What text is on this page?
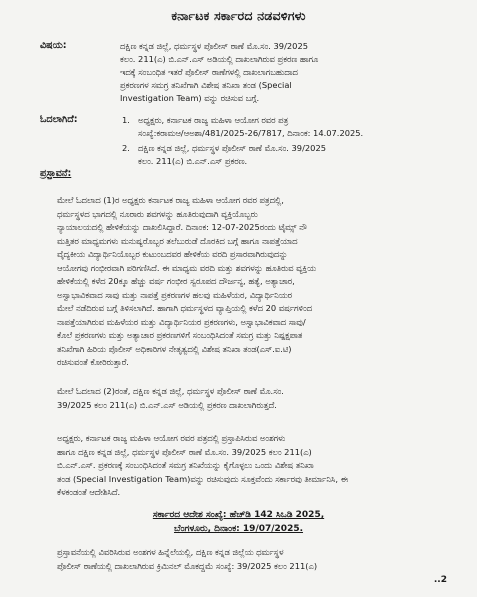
ಕರ್ನಾಟಕ ಸರ್ಕಾರದ ನಡವಳಿಗಳು
ವಿಷಯ:	ದಕ್ಷಿಣ ಕನ್ನಡ ಜಿಲ್ಲೆ, ಧರ್ಮಸ್ಥಳ ಪೊಲೀಸ್ ಠಾಣೆ ಮೊ.ಸಂ. 39/2025
ಕಲಂ. 211(ಎ) ಬಿ.ಎನ್.ಎಸ್ ಅಡಿಯಲ್ಲಿ ದಾಖಲಾಗಿರುವ ಪ್ರಕರಣ ಹಾಗೂ
ಇದಕ್ಕೆ ಸಂಬಂಧಿತ ಇತರೆ ಪೊಲೀಸ್ ಠಾಣೆಗಳಲ್ಲಿ ದಾಖಲಾಗಬಹುದಾದ
ಪ್ರಕರಣಗಳ ಸಮಗ್ರ ತನಿಖೆಗಾಗಿ ವಿಶೇಷ ತನಿಖಾ ತಂಡ (Special
Investigation Team) ವನ್ನು ರಚಿಸುವ ಬಗ್ಗೆ.
ಓದಲಾಗಿದೆ:	1. ಅಧ್ಯಕ್ಷರು, ಕರ್ನಾಟಕ ರಾಜ್ಯ ಮಹಿಳಾ ಆಯೋಗ ರವರ ಪತ್ರ
ಸಂಖ್ಯೆ:ಕರಾಮಆ/ಆಅಶಾ/481/2025-26/7817, ದಿನಾಂಕ: 14.07.2025.
2. ದಕ್ಷಿಣ ಕನ್ನಡ ಜಿಲ್ಲೆ, ಧರ್ಮಸ್ಥಳ ಪೊಲೀಸ್ ಠಾಣೆ ಮೊ.ಸಂ. 39/2025
ಕಲಂ. 211(ಎ) ಬಿ.ಎನ್.ಎಸ್ ಪ್ರಕರಣ.
ಪ್ರಸ್ತಾವನೆ:
ಮೇಲೆ ಓದಲಾದ (1)ರ ಅಧ್ಯಕ್ಷರು ಕರ್ನಾಟಕ ರಾಜ್ಯ ಮಹಿಳಾ ಆಯೋಗ ರವರ ಪತ್ರದಲ್ಲಿ,
ಧರ್ಮಸ್ಥಳದ ಭಾಗದಲ್ಲಿ ನೂರಾರು ಶವಗಳನ್ನು ಹೂತಿರುವುದಾಗಿ ವ್ಯಕ್ತಿಯೊಬ್ಬರು
ನ್ಯಾಯಾಲಯದಲ್ಲಿ ಹೇಳಿಕೆಯನ್ನು ದಾಖಲಿಸಿದ್ದಾರೆ. ದಿನಾಂಕ: 12-07-2025ರಂದು ಟೈಮ್ಸ್ ನೌ
ಮತ್ತಿತರ ಮಾಧ್ಯಮಗಳು ಮನುಷ್ಯರೊಬ್ಬರ ತಲೆಬುರುಡೆ ದೊರಕಿದ ಬಗ್ಗೆ ಹಾಗೂ ನಾಪತ್ತೆಯಾದ
ವೈದ್ಯಕೀಯ ವಿದ್ಯಾರ್ಥಿನಿಯೊಬ್ಬರ ಕುಟುಂಬದವರ ಹೇಳಿಕೆಯ ವರದಿ ಪ್ರಸಾರವಾಗಿರುವುದನ್ನು
ಆಯೋಗವು ಗಂಭೀರವಾಗಿ ಪರಿಗಣಿಸಿದೆ. ಈ ಮಾಧ್ಯಮ ವರದಿ ಮತ್ತು ಶವಗಳನ್ನು ಹೂತಿರುವ ವ್ಯಕ್ತಿಯ
ಹೇಳಿಕೆಯಲ್ಲಿ ಕಳೆದ 20ಕ್ಕೂ ಹೆಚ್ಚು ವರ್ಷ ಗಂಭೀರ ಸ್ವರೂಪದ ದೌರ್ಜನ್ಯ, ಹತ್ಯೆ, ಅತ್ಯಾಚಾರ,
ಅಸ್ವಾಭಾವಿಕವಾದ ಸಾವು ಮತ್ತು ನಾಪತ್ತೆ ಪ್ರಕರಣಗಳ ಹಲವು ಮಹಿಳೆಯರ, ವಿದ್ಯಾರ್ಥಿನಿಯರ
ಮೇಲೆ ನಡೆದಿರುವ ಬಗ್ಗೆ ತಿಳಿಸಲಾಗಿದೆ. ಹಾಗಾಗಿ ಧರ್ಮಸ್ಥಳದ ವ್ಯಾಪ್ತಿಯಲ್ಲಿ ಕಳೆದ 20 ವರ್ಷಗಳಿಂದ
ನಾಪತ್ತೆಯಾಗಿರುವ ಮಹಿಳೆಯರ ಮತ್ತು ವಿದ್ಯಾರ್ಥಿನಿಯರ ಪ್ರಕರಣಗಳು, ಅಸ್ವಾಭಾವಿಕವಾದ ಸಾವು/
ಕೊಲೆ ಪ್ರಕರಣಗಳು ಮತ್ತು ಅತ್ಯಾಚಾರ ಪ್ರಕರಣಗಳಿಗೆ ಸಂಬಂಧಿಸಿದಂತೆ ಸಮಗ್ರ ಮತ್ತು ನಿಷ್ಪಕ್ಷಪಾತ
ತನಿಖೆಗಾಗಿ ಹಿರಿಯ ಪೊಲೀಸ್ ಅಧಿಕಾರಿಗಳ ನೇತೃತ್ವದಲ್ಲಿ ವಿಶೇಷ ತನಿಖಾ ತಂಡ(ಎಸ್.ಐ.ಟಿ)
ರಚಿಸುವಂತೆ ಕೋರಿರುತ್ತಾರೆ.
ಮೇಲೆ ಓದಲಾದ (2)ರಂತೆ, ದಕ್ಷಿಣ ಕನ್ನಡ ಜಿಲ್ಲೆ, ಧರ್ಮಸ್ಥಳ ಪೊಲೀಸ್ ಠಾಣೆ ಮೊ.ಸಂ.
39/2025 ಕಲಂ 211(ಎ) ಬಿ.ಎನ್.ಎಸ್ ಅಡಿಯಲ್ಲಿ ಪ್ರಕರಣ ದಾಖಲಾಗಿರುತ್ತದೆ.
ಅಧ್ಯಕ್ಷರು, ಕರ್ನಾಟಕ ರಾಜ್ಯ ಮಹಿಳಾ ಆಯೋಗ ರವರ ಪತ್ರದಲ್ಲಿ ಪ್ರಸ್ತಾಪಿಸಿರುವ ಅಂಶಗಳು
ಹಾಗೂ ದಕ್ಷಿಣ ಕನ್ನಡ ಜಿಲ್ಲೆ, ಧರ್ಮಸ್ಥಳ ಪೊಲೀಸ್ ಠಾಣೆ ಮೊ.ಸಂ. 39/2025 ಕಲಂ 211(ಎ)
ಬಿ.ಎನ್.ಎಸ್. ಪ್ರಕರಣಕ್ಕೆ ಸಂಬಂಧಿಸಿದಂತೆ ಸಮಗ್ರ ತನಿಖೆಯನ್ನು ಕೈಗೊಳ್ಳಲು ಒಂದು ವಿಶೇಷ ತನಿಖಾ
ತಂಡ (Special Investigation Team)ವನ್ನು ರಚಿಸುವುದು ಸೂಕ್ತವೆಂದು ಸರ್ಕಾರವು ತೀರ್ಮಾನಿಸಿ, ಈ
ಕೆಳಕಂಡಂತೆ ಆದೇಶಿಸಿದೆ.
ಸರ್ಕಾರದ ಆದೇಶ ಸಂಖ್ಯೆ: ಹೆಚ್‌ಡಿ 142 ಸಿಒಡಿ 2025,
ಬೆಂಗಳೂರು, ದಿನಾಂಕ: 19/07/2025.
ಪ್ರಸ್ತಾವನೆಯಲ್ಲಿ ವಿವರಿಸಿರುವ ಅಂಶಗಳ ಹಿನ್ನೆಲೆಯಲ್ಲಿ, ದಕ್ಷಿಣ ಕನ್ನಡ ಜಿಲ್ಲೆಯ ಧರ್ಮಸ್ಥಳ
ಪೊಲೀಸ್ ಠಾಣೆಯಲ್ಲಿ ದಾಖಲಾಗಿರುವ ಕ್ರಿಮಿನಲ್ ಮೊಕದ್ದಮೆ ಸಂಖ್ಯೆ: 39/2025 ಕಲಂ 211(ಎ)
..2
